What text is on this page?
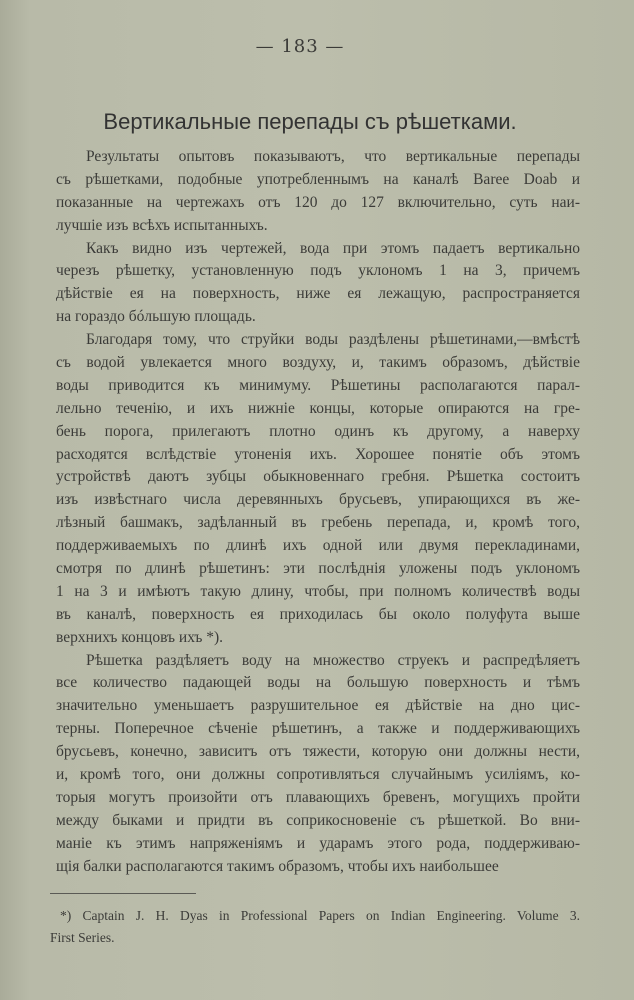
— 183 —
Вертикальные перепады съ рѣшетками.
Результаты опытовъ показываютъ, что вертикальные перепады
съ рѣшетками, подобные употребленнымъ на каналѣ Baree Doab и
показанные на чертежахъ отъ 120 до 127 включительно, суть наи-
лучшіе изъ всѣхъ испытанныхъ.
Какъ видно изъ чертежей, вода при этомъ падаетъ вертикально
черезъ рѣшетку, установленную подъ уклономъ 1 на 3, причемъ
дѣйствіе ея на поверхность, ниже ея лежащую, распространяется
на гораздо бóльшую площадь.
Благодаря тому, что струйки воды раздѣлены рѣшетинами,—вмѣстѣ
съ водой увлекается много воздуху, и, такимъ образомъ, дѣйствіе
воды приводится къ минимуму. Рѣшетины располагаются парал-
лельно теченію, и ихъ нижніе концы, которые опираются на гре-
бень порога, прилегаютъ плотно одинъ къ другому, а наверху
расходятся вслѣдствіе утоненія ихъ. Хорошее понятіе объ этомъ
устройствѣ даютъ зубцы обыкновеннаго гребня. Рѣшетка состоитъ
изъ извѣстнаго числа деревянныхъ брусьевъ, упирающихся въ же-
лѣзный башмакъ, задѣланный въ гребень перепада, и, кромѣ того,
поддерживаемыхъ по длинѣ ихъ одной или двумя перекладинами,
смотря по длинѣ рѣшетинъ: эти послѣднія уложены подъ уклономъ
1 на 3 и имѣютъ такую длину, чтобы, при полномъ количествѣ воды
въ каналѣ, поверхность ея приходилась бы около полуфута выше
верхнихъ концовъ ихъ *).
Рѣшетка раздѣляетъ воду на множество струекъ и распредѣляетъ
все количество падающей воды на большую поверхность и тѣмъ
значительно уменьшаетъ разрушительное ея дѣйствіе на дно цис-
терны. Поперечное сѣченіе рѣшетинъ, а также и поддерживающихъ
брусьевъ, конечно, зависитъ отъ тяжести, которую они должны нести,
и, кромѣ того, они должны сопротивляться случайнымъ усиліямъ, ко-
торыя могутъ произойти отъ плавающихъ бревенъ, могущихъ пройти
между быками и придти въ соприкосновеніе съ рѣшеткой. Во вни-
маніе къ этимъ напряженіямъ и ударамъ этого рода, поддерживаю-
щія балки располагаются такимъ образомъ, чтобы ихъ наибольшее
*) Captain J. H. Dyas in Professional Papers on Indian Engineering. Volume 3.
First Series.
